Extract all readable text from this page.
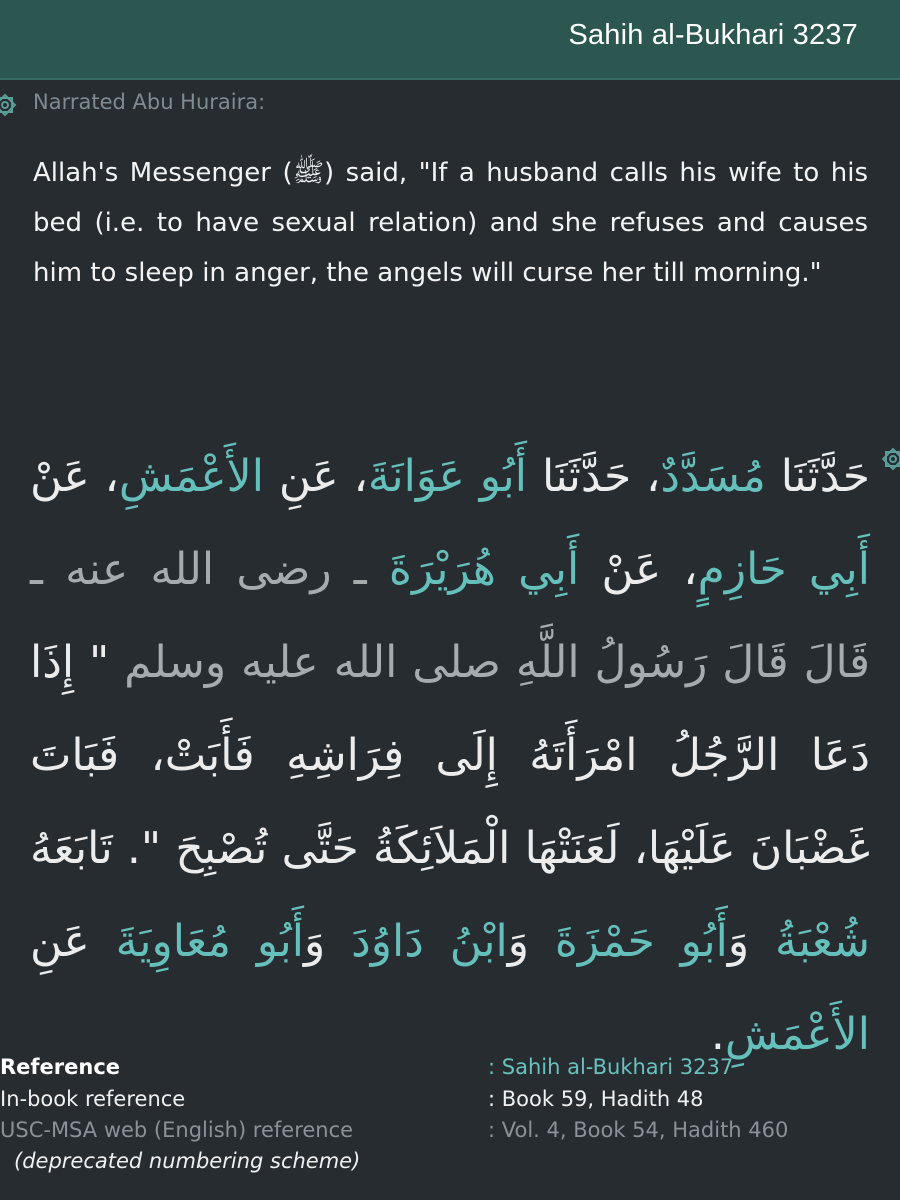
Sahih al-Bukhari 3237
Narrated Abu Huraira:

Allah's Messenger (ﷺ) said, "If a husband calls his wife to his bed (i.e. to have sexual relation) and she refuses and causes him to sleep in anger, the angels will curse her till morning."

حَدَّثَنَا مُسَدَّدٌ، حَدَّثَنَا أَبُو عَوَانَةَ، عَنِ الأَعْمَشِ، عَنْ أَبِي حَازِمٍ، عَنْ أَبِي هُرَيْرَةَ ـ رضى الله عنه ـ قَالَ قَالَ رَسُولُ اللَّهِ صلى الله عليه وسلم " إِذَا دَعَا الرَّجُلُ امْرَأَتَهُ إِلَى فِرَاشِهِ فَأَبَتْ، فَبَاتَ غَضْبَانَ عَلَيْهَا، لَعَنَتْهَا الْمَلاَئِكَةُ حَتَّى تُصْبِحَ ". تَابَعَهُ شُعْبَةُ وَأَبُو حَمْزَةَ وَابْنُ دَاوُدَ وَأَبُو مُعَاوِيَةَ عَنِ الأَعْمَشِ.

Reference	: Sahih al-Bukhari 3237
In-book reference	: Book 59, Hadith 48
USC-MSA web (English) reference	: Vol. 4, Book 54, Hadith 460
(deprecated numbering scheme)
